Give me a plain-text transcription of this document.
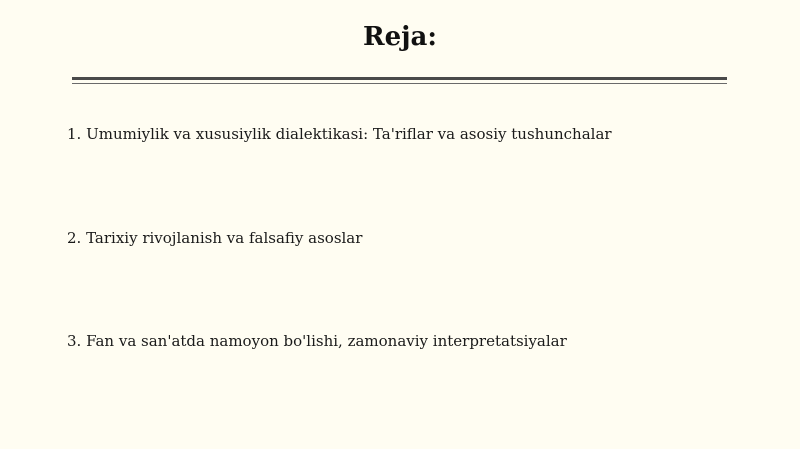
Reja:
1. Umumiylik va xususiylik dialektikasi: Ta'riflar va asosiy tushunchalar
2. Tarixiy rivojlanish va falsafiy asoslar
3. Fan va san'atda namoyon bo'lishi, zamonaviy interpretatsiyalar
